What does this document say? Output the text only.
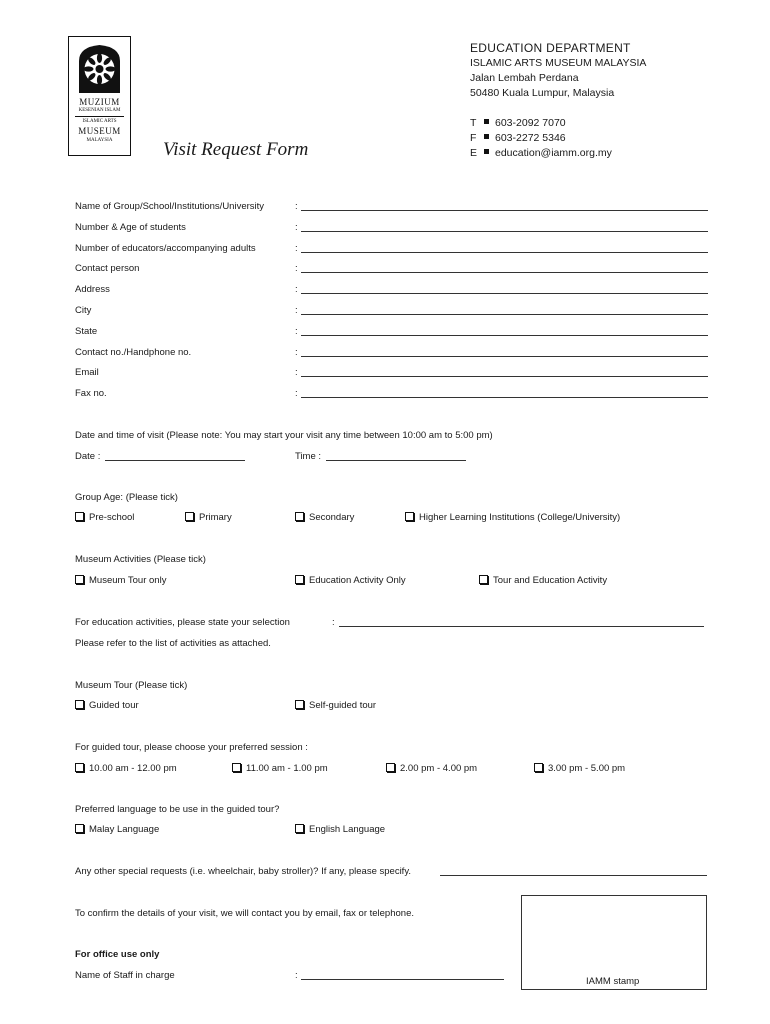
MUZIUM
KESENIAN ISLAM
ISLAMIC ARTS
MUSEUM
MALAYSIA	Visit Request Form
EDUCATION DEPARTMENT
ISLAMIC ARTS MUSEUM MALAYSIA
Jalan Lembah Perdana
50480 Kuala Lumpur, Malaysia
T 603-2092 7070
F 603-2272 5346
E education@iamm.org.my
Name of Group/School/Institutions/University	:
Number & Age of students	:
Number of educators/accompanying adults	:
Contact person	:
Address	:
City	:
State	:
Contact no./Handphone no.	:
Email	:
Fax no.	:
Date and time of visit (Please note: You may start your visit any time between 10:00 am to 5:00 pm)
Date :	Time :
Group Age: (Please tick)
Pre-school	Primary	Secondary	Higher Learning Institutions (College/University)
Museum Activities (Please tick)
Museum Tour only	Education Activity Only	Tour and Education Activity
For education activities, please state your selection	:
Please refer to the list of activities as attached.
Museum Tour (Please tick)
Guided tour	Self-guided tour
For guided tour, please choose your preferred session :
10.00 am - 12.00 pm	11.00 am - 1.00 pm	2.00 pm - 4.00 pm	3.00 pm - 5.00 pm
Preferred language to be use in the guided tour?
Malay Language	English Language
Any other special requests (i.e. wheelchair, baby stroller)? If any, please specify.
To confirm the details of your visit, we will contact you by email, fax or telephone.
For office use only
Name of Staff in charge	:
IAMM stamp
